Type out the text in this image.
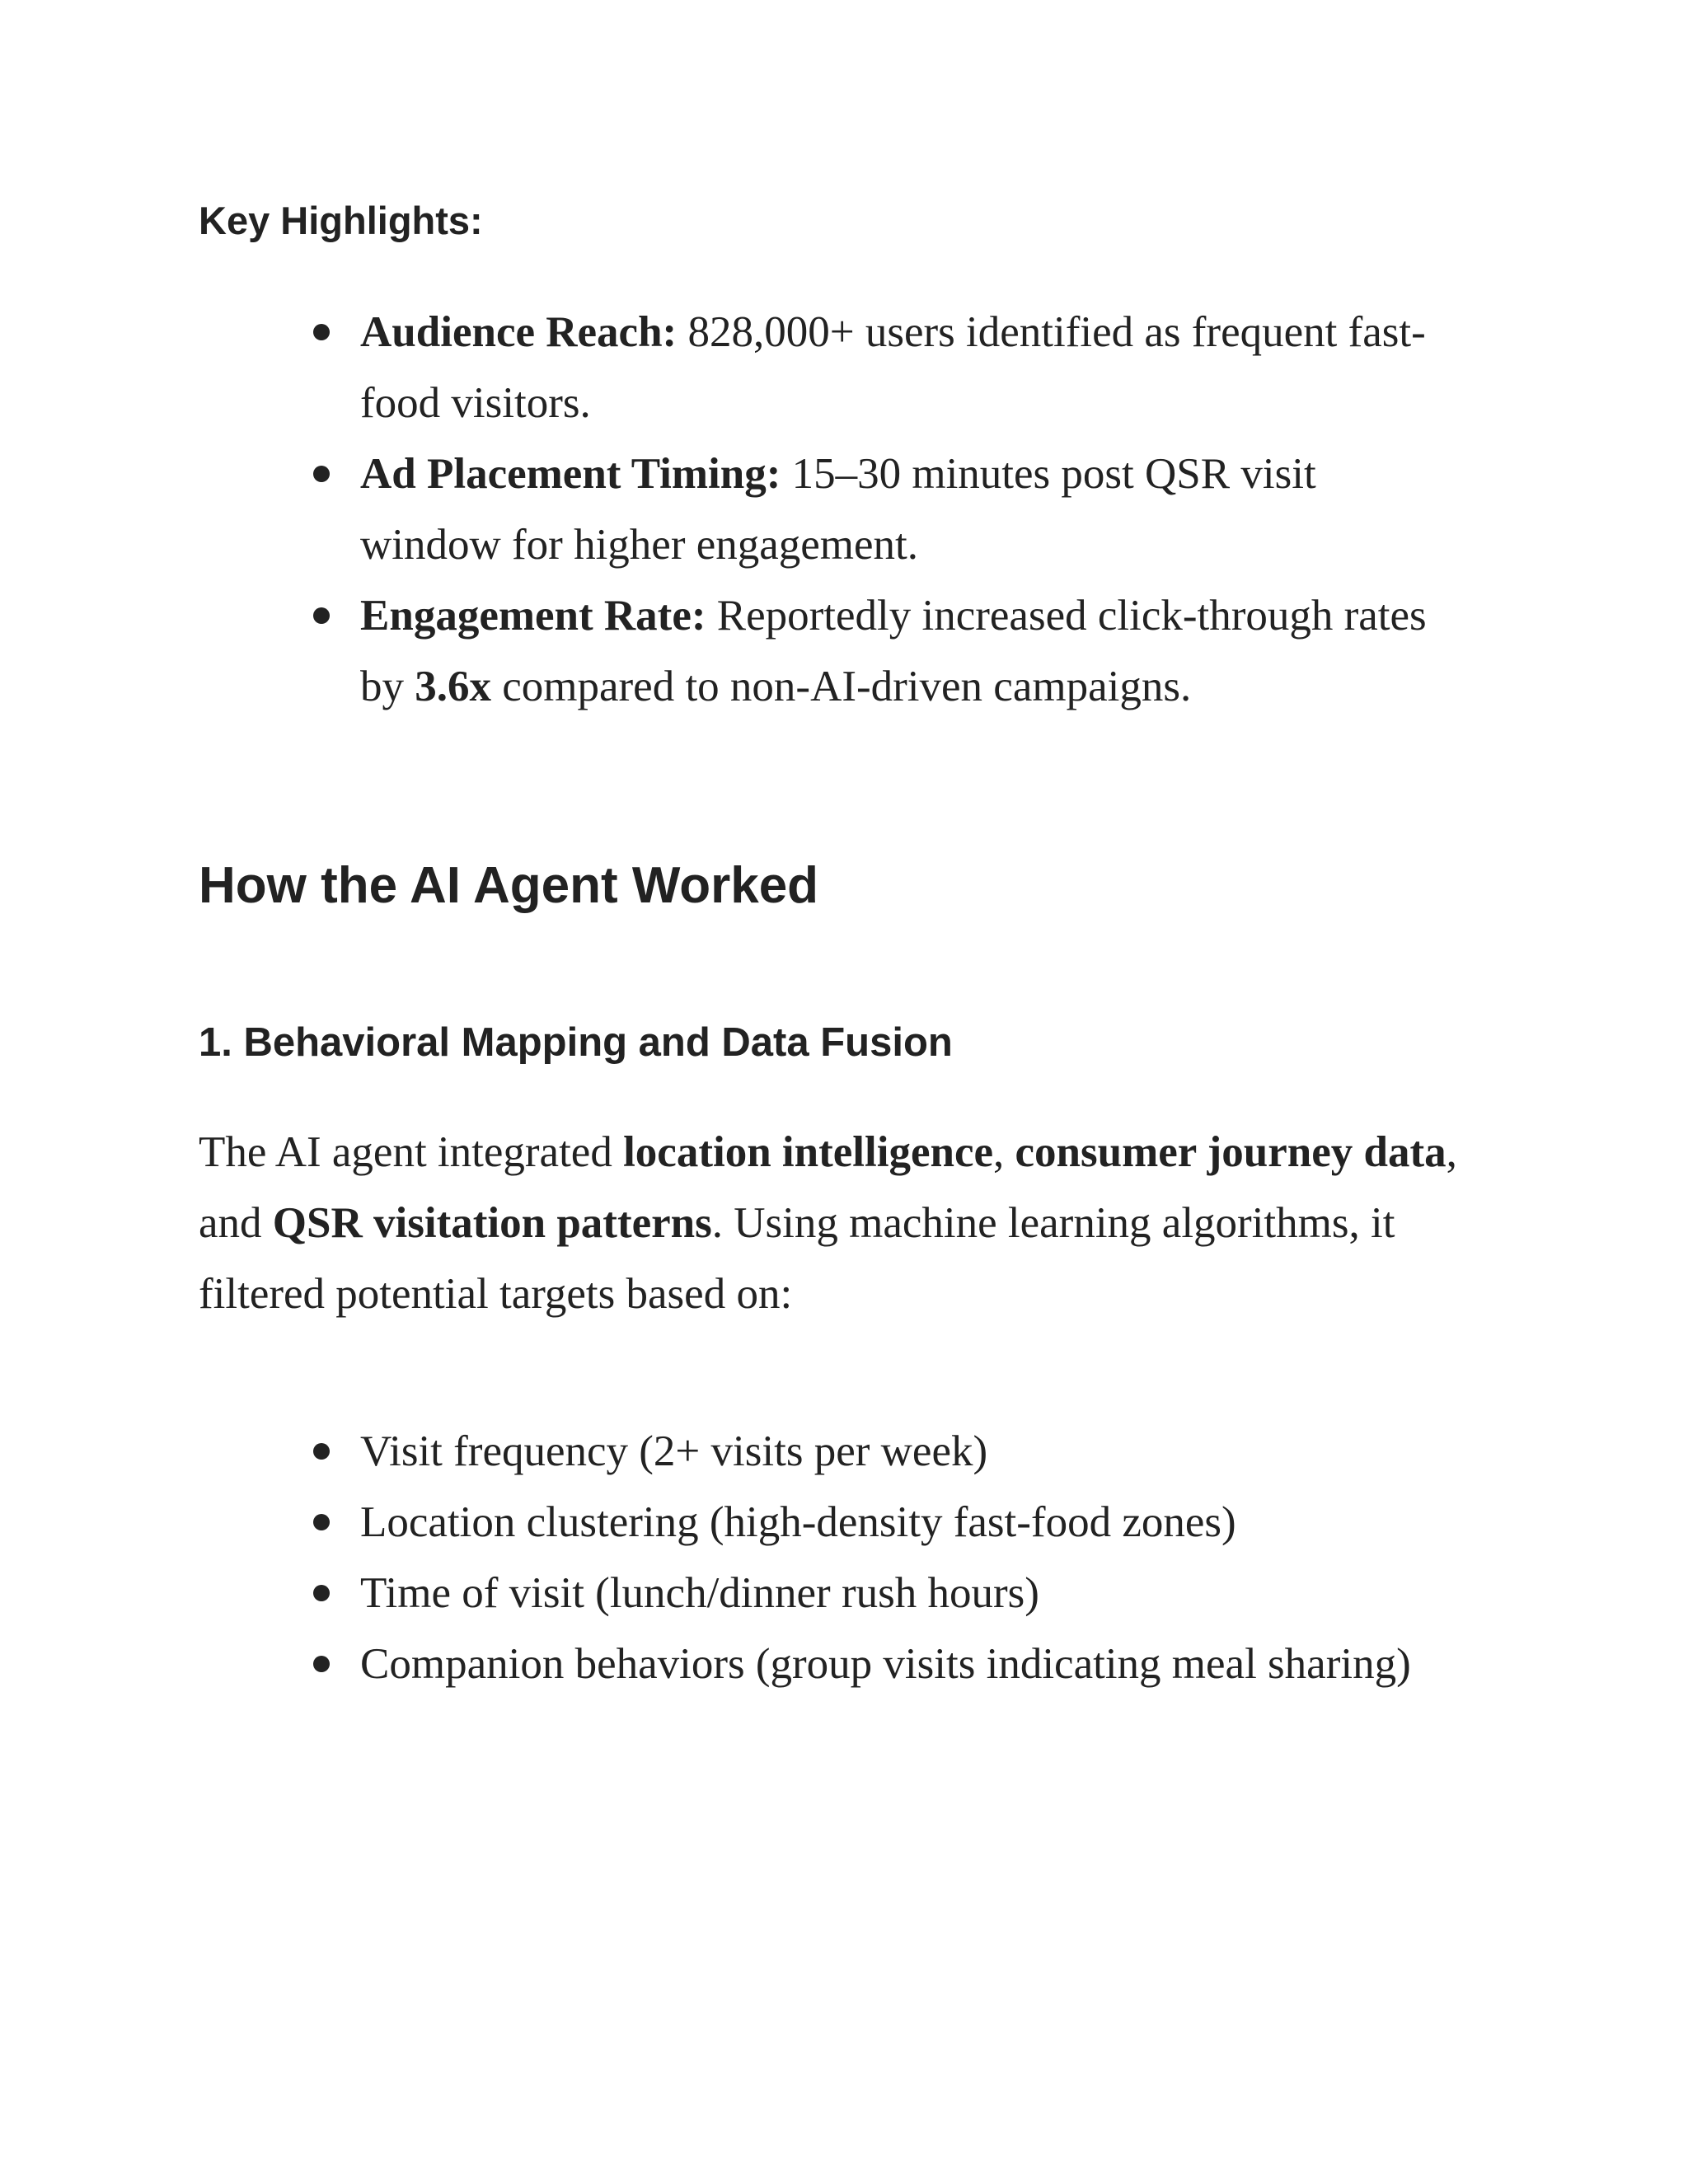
Key Highlights:
Audience Reach: 828,000+ users identified as frequent fast-food visitors.
Ad Placement Timing: 15–30 minutes post QSR visit window for higher engagement.
Engagement Rate: Reportedly increased click-through rates by 3.6x compared to non-AI-driven campaigns.
How the AI Agent Worked
1. Behavioral Mapping and Data Fusion

The AI agent integrated location intelligence, consumer journey data, and QSR visitation patterns. Using machine learning algorithms, it filtered potential targets based on:

Visit frequency (2+ visits per week)
Location clustering (high-density fast-food zones)
Time of visit (lunch/dinner rush hours)
Companion behaviors (group visits indicating meal sharing)
